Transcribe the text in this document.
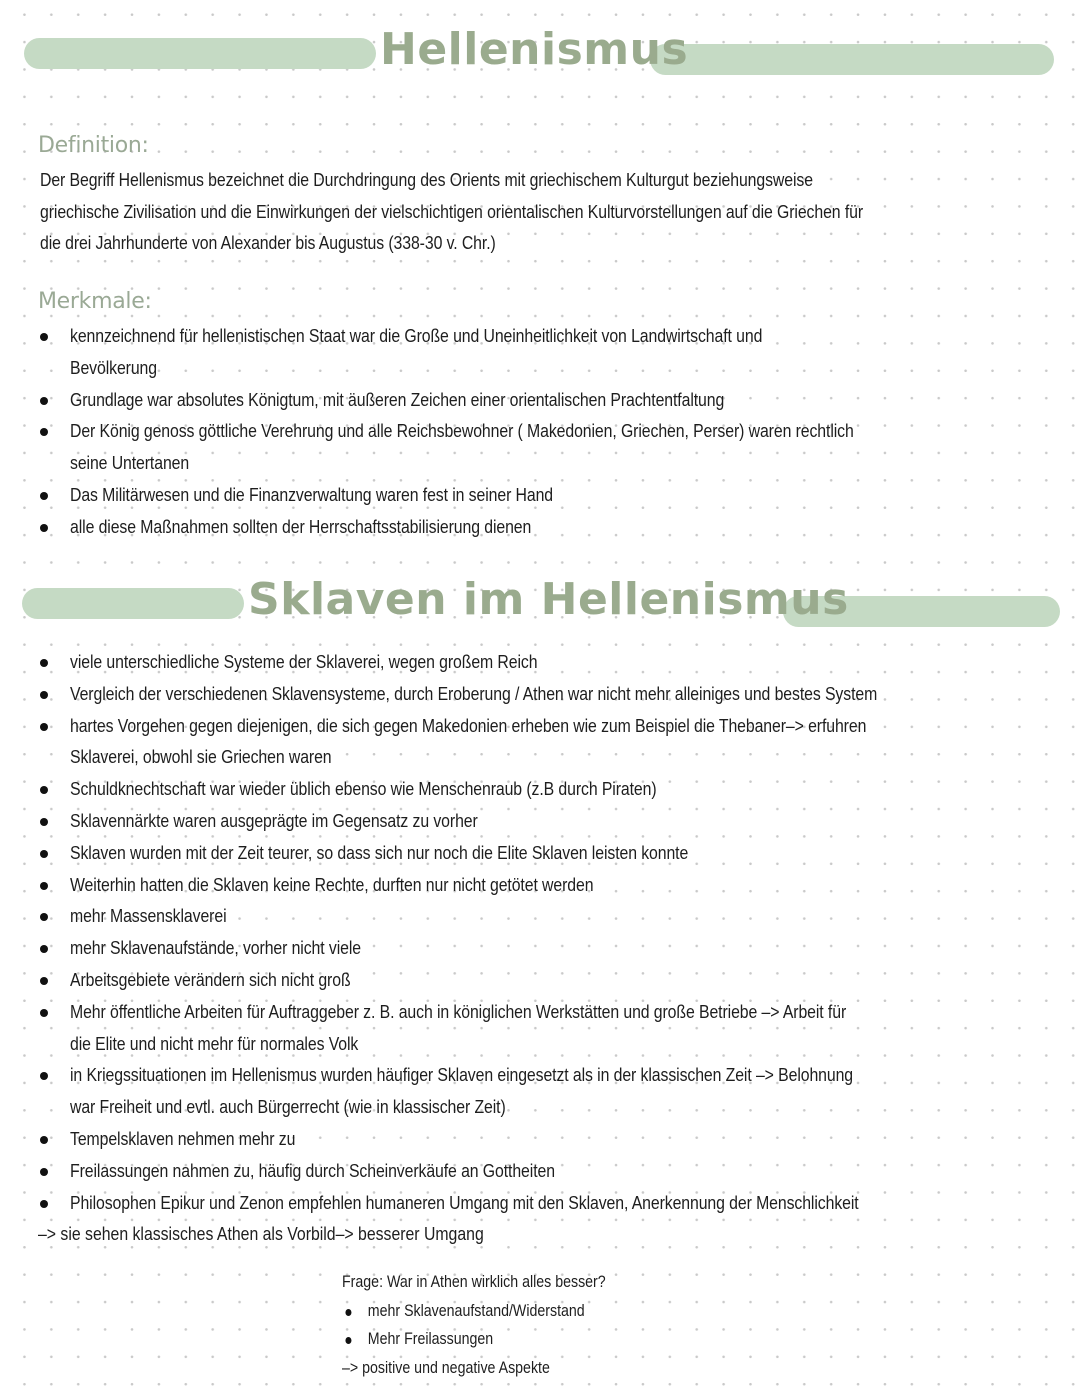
Hellenismus
Definition:
Der Begriff Hellenismus bezeichnet die Durchdringung des Orients mit griechischem Kulturgut beziehungsweise
griechische Zivilisation und die Einwirkungen der vielschichtigen orientalischen Kulturvorstellungen auf die Griechen für
die drei Jahrhunderte von Alexander bis Augustus (338-30 v. Chr.)
Merkmale:
kennzeichnend für hellenistischen Staat war die Große und Uneinheitlichkeit von Landwirtschaft und
Bevölkerung
Grundlage war absolutes Königtum, mit äußeren Zeichen einer orientalischen Prachtentfaltung
Der König genoss göttliche Verehrung und alle Reichsbewohner ( Makedonien, Griechen, Perser) waren rechtlich
seine Untertanen
Das Militärwesen und die Finanzverwaltung waren fest in seiner Hand
alle diese Maßnahmen sollten der Herrschaftsstabilisierung dienen
Sklaven im Hellenismus
viele unterschiedliche Systeme der Sklaverei, wegen großem Reich
Vergleich der verschiedenen Sklavensysteme, durch Eroberung / Athen war nicht mehr alleiniges und bestes System
hartes Vorgehen gegen diejenigen, die sich gegen Makedonien erheben wie zum Beispiel die Thebaner–> erfuhren
Sklaverei, obwohl sie Griechen waren
Schuldknechtschaft war wieder üblich ebenso wie Menschenraub (z.B durch Piraten)
Sklavennärkte waren ausgeprägte im Gegensatz zu vorher
Sklaven wurden mit der Zeit teurer, so dass sich nur noch die Elite Sklaven leisten konnte
Weiterhin hatten die Sklaven keine Rechte, durften nur nicht getötet werden
mehr Massensklaverei
mehr Sklavenaufstände, vorher nicht viele
Arbeitsgebiete verändern sich nicht groß
Mehr öffentliche Arbeiten für Auftraggeber z. B. auch in königlichen Werkstätten und große Betriebe –> Arbeit für
die Elite und nicht mehr für normales Volk
in Kriegssituationen im Hellenismus wurden häufiger Sklaven eingesetzt als in der klassischen Zeit –> Belohnung
war Freiheit und evtl. auch Bürgerrecht (wie in klassischer Zeit)
Tempelsklaven nehmen mehr zu
Freilassungen nahmen zu, häufig durch Scheinverkäufe an Gottheiten
Philosophen Epikur und Zenon empfehlen humaneren Umgang mit den Sklaven, Anerkennung der Menschlichkeit
–> sie sehen klassisches Athen als Vorbild–> besserer Umgang
Frage: War in Athen wirklich alles besser?
mehr Sklavenaufstand/Widerstand
Mehr Freilassungen
–> positive und negative Aspekte
